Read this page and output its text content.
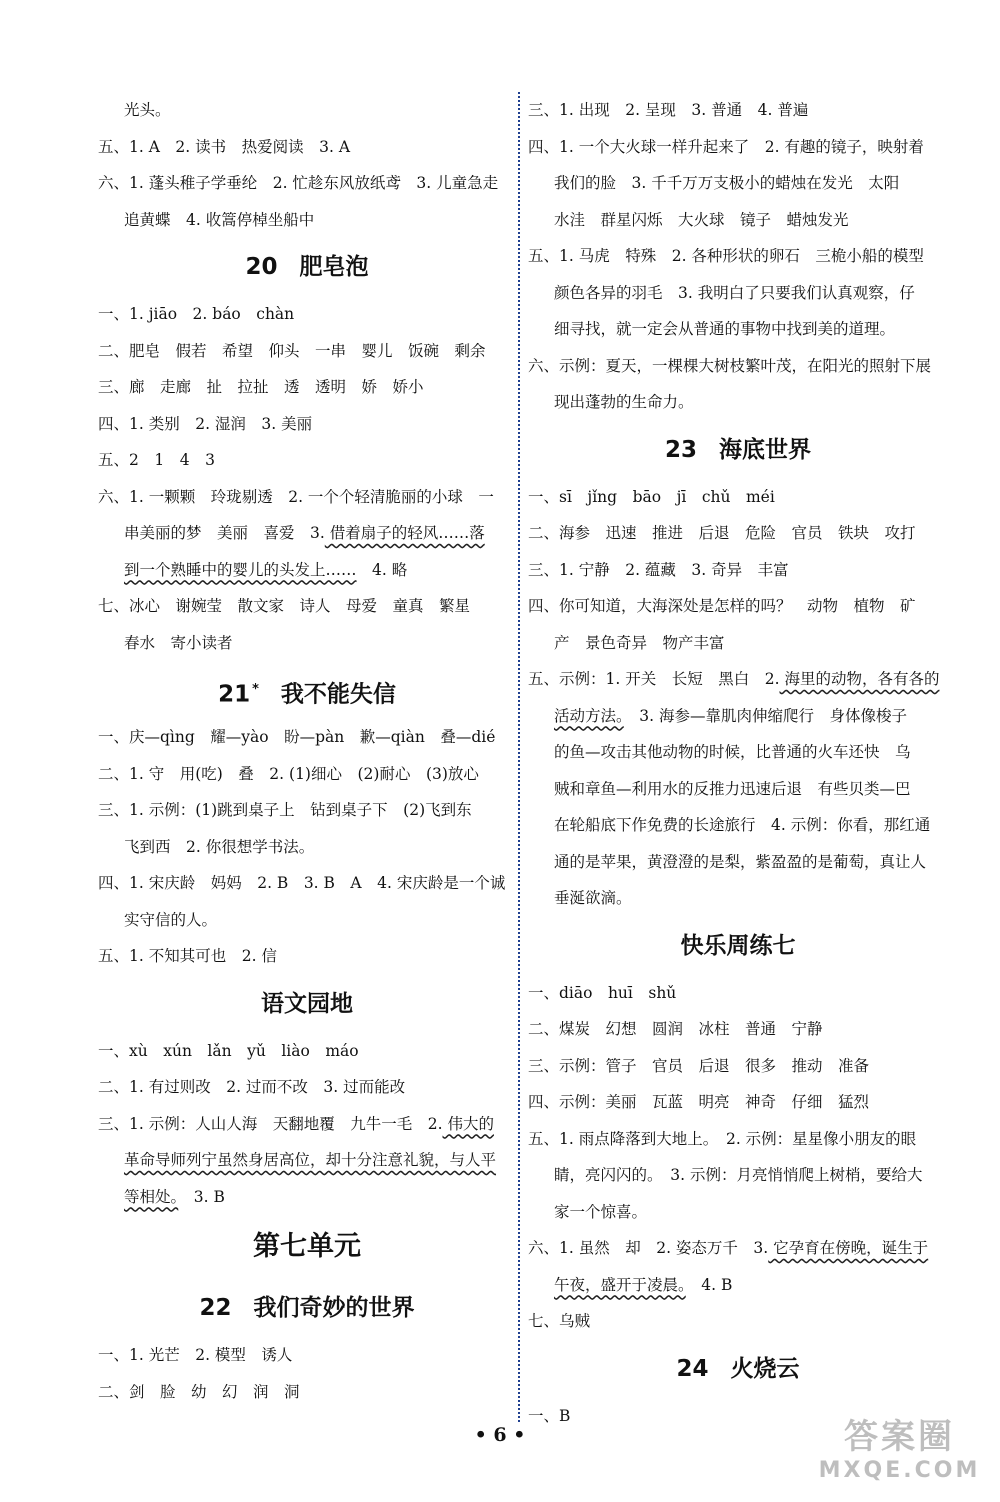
光头。
五、1. A　2. 读书　热爱阅读　3. A
六、1. 蓬头稚子学垂纶　2. 忙趁东风放纸鸢　3. 儿童急走
追黄蝶　4. 收篙停棹坐船中
20 肥皂泡
一、1. jiāo　2. báo　chàn
二、肥皂　假若　希望　仰头　一串　婴儿　饭碗　剩余
三、廊　走廊　扯　拉扯　透　透明　娇　娇小
四、1. 类别　2. 湿润　3. 美丽
五、2　1　4　3
六、1. 一颗颗　玲珑剔透　2. 一个个轻清脆丽的小球　一
串美丽的梦　美丽　喜爱　3. 借着扇子的轻风……落
到一个熟睡中的婴儿的头发上……　4. 略
七、冰心　谢婉莹　散文家　诗人　母爱　童真　繁星
春水　寄小读者
21 * 我不能失信
一、庆—qìng　耀—yào　盼—pàn　歉—qiàn　叠—dié
二、1. 守　用(吃)　叠　2. (1)细心　(2)耐心　(3)放心
三、1. 示例：(1)跳到桌子上　钻到桌子下　(2)飞到东
飞到西　2. 你很想学书法。
四、1. 宋庆龄　妈妈　2. B　3. B　A　4. 宋庆龄是一个诚
实守信的人。
五、1. 不知其可也　2. 信
语文园地
一、xù　xún　lǎn　yǔ　liào　máo
二、1. 有过则改　2. 过而不改　3. 过而能改
三、1. 示例：人山人海　天翻地覆　九牛一毛　2. 伟大的
革命导师列宁虽然身居高位，却十分注意礼貌，与人平
等相处。　3. B
第七单元
22 我们奇妙的世界
一、1. 光芒　2. 模型　诱人
二、剑　脸　幼　幻　润　洞
三、1. 出现　2. 呈现　3. 普通　4. 普遍
四、1. 一个大火球一样升起来了　2. 有趣的镜子，映射着
我们的脸　3. 千千万万支极小的蜡烛在发光　太阳
水洼　群星闪烁　大火球　镜子　蜡烛发光
五、1. 马虎　特殊　2. 各种形状的卵石　三桅小船的模型
颜色各异的羽毛　3. 我明白了只要我们认真观察，仔
细寻找，就一定会从普通的事物中找到美的道理。
六、示例：夏天，一棵棵大树枝繁叶茂，在阳光的照射下展
现出蓬勃的生命力。
23 海底世界
一、sī　jǐng　bāo　jī　chǔ　méi
二、海参　迅速　推进　后退　危险　官员　铁块　攻打
三、1. 宁静　2. 蕴藏　3. 奇异　丰富
四、你可知道，大海深处是怎样的吗？　动物　植物　矿
产　景色奇异　物产丰富
五、示例：1. 开关　长短　黑白　2. 海里的动物，各有各的
活动方法。　3. 海参—靠肌肉伸缩爬行　身体像梭子
的鱼—攻击其他动物的时候，比普通的火车还快　乌
贼和章鱼—利用水的反推力迅速后退　有些贝类—巴
在轮船底下作免费的长途旅行　4. 示例：你看，那红通
通的是苹果，黄澄澄的是梨，紫盈盈的是葡萄，真让人
垂涎欲滴。
快乐周练七
一、diāo　huī　shǔ
二、煤炭　幻想　圆润　冰柱　普通　宁静
三、示例：管子　官员　后退　很多　推动　准备
四、示例：美丽　瓦蓝　明亮　神奇　仔细　猛烈
五、1. 雨点降落到大地上。　2. 示例：星星像小朋友的眼
睛，亮闪闪的。　3. 示例：月亮悄悄爬上树梢，要给大
家一个惊喜。
六、1. 虽然　却　2. 姿态万千　3. 它孕育在傍晚，诞生于
午夜，盛开于凌晨。　4. B
七、乌贼
24 火烧云
一、B
• 6 •	答案圈
MXQE.COM
